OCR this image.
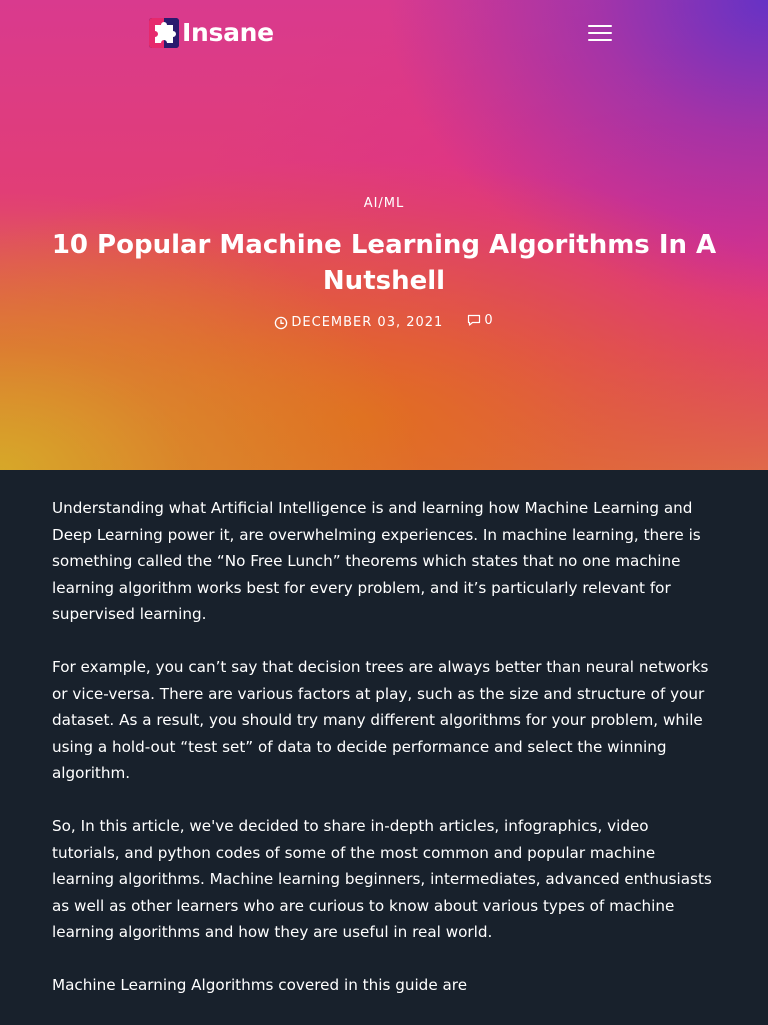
Insane
AI/ML
10 Popular Machine Learning Algorithms In A Nutshell
DECEMBER 03, 2021	0

Understanding what Artificial Intelligence is and learning how Machine Learning and Deep Learning power it, are overwhelming experiences. In machine learning, there is something called the “No Free Lunch” theorems which states that no one machine learning algorithm works best for every problem, and it’s particularly relevant for supervised learning.

For example, you can’t say that decision trees are always better than neural networks or vice-versa. There are various factors at play, such as the size and structure of your dataset. As a result, you should try many different algorithms for your problem, while using a hold-out “test set” of data to decide performance and select the winning algorithm.

So, In this article, we've decided to share in-depth articles, infographics, video tutorials, and python codes of some of the most common and popular machine learning algorithms. Machine learning beginners, intermediates, advanced enthusiasts as well as other learners who are curious to know about various types of machine learning algorithms and how they are useful in real world.

Machine Learning Algorithms covered in this guide are
